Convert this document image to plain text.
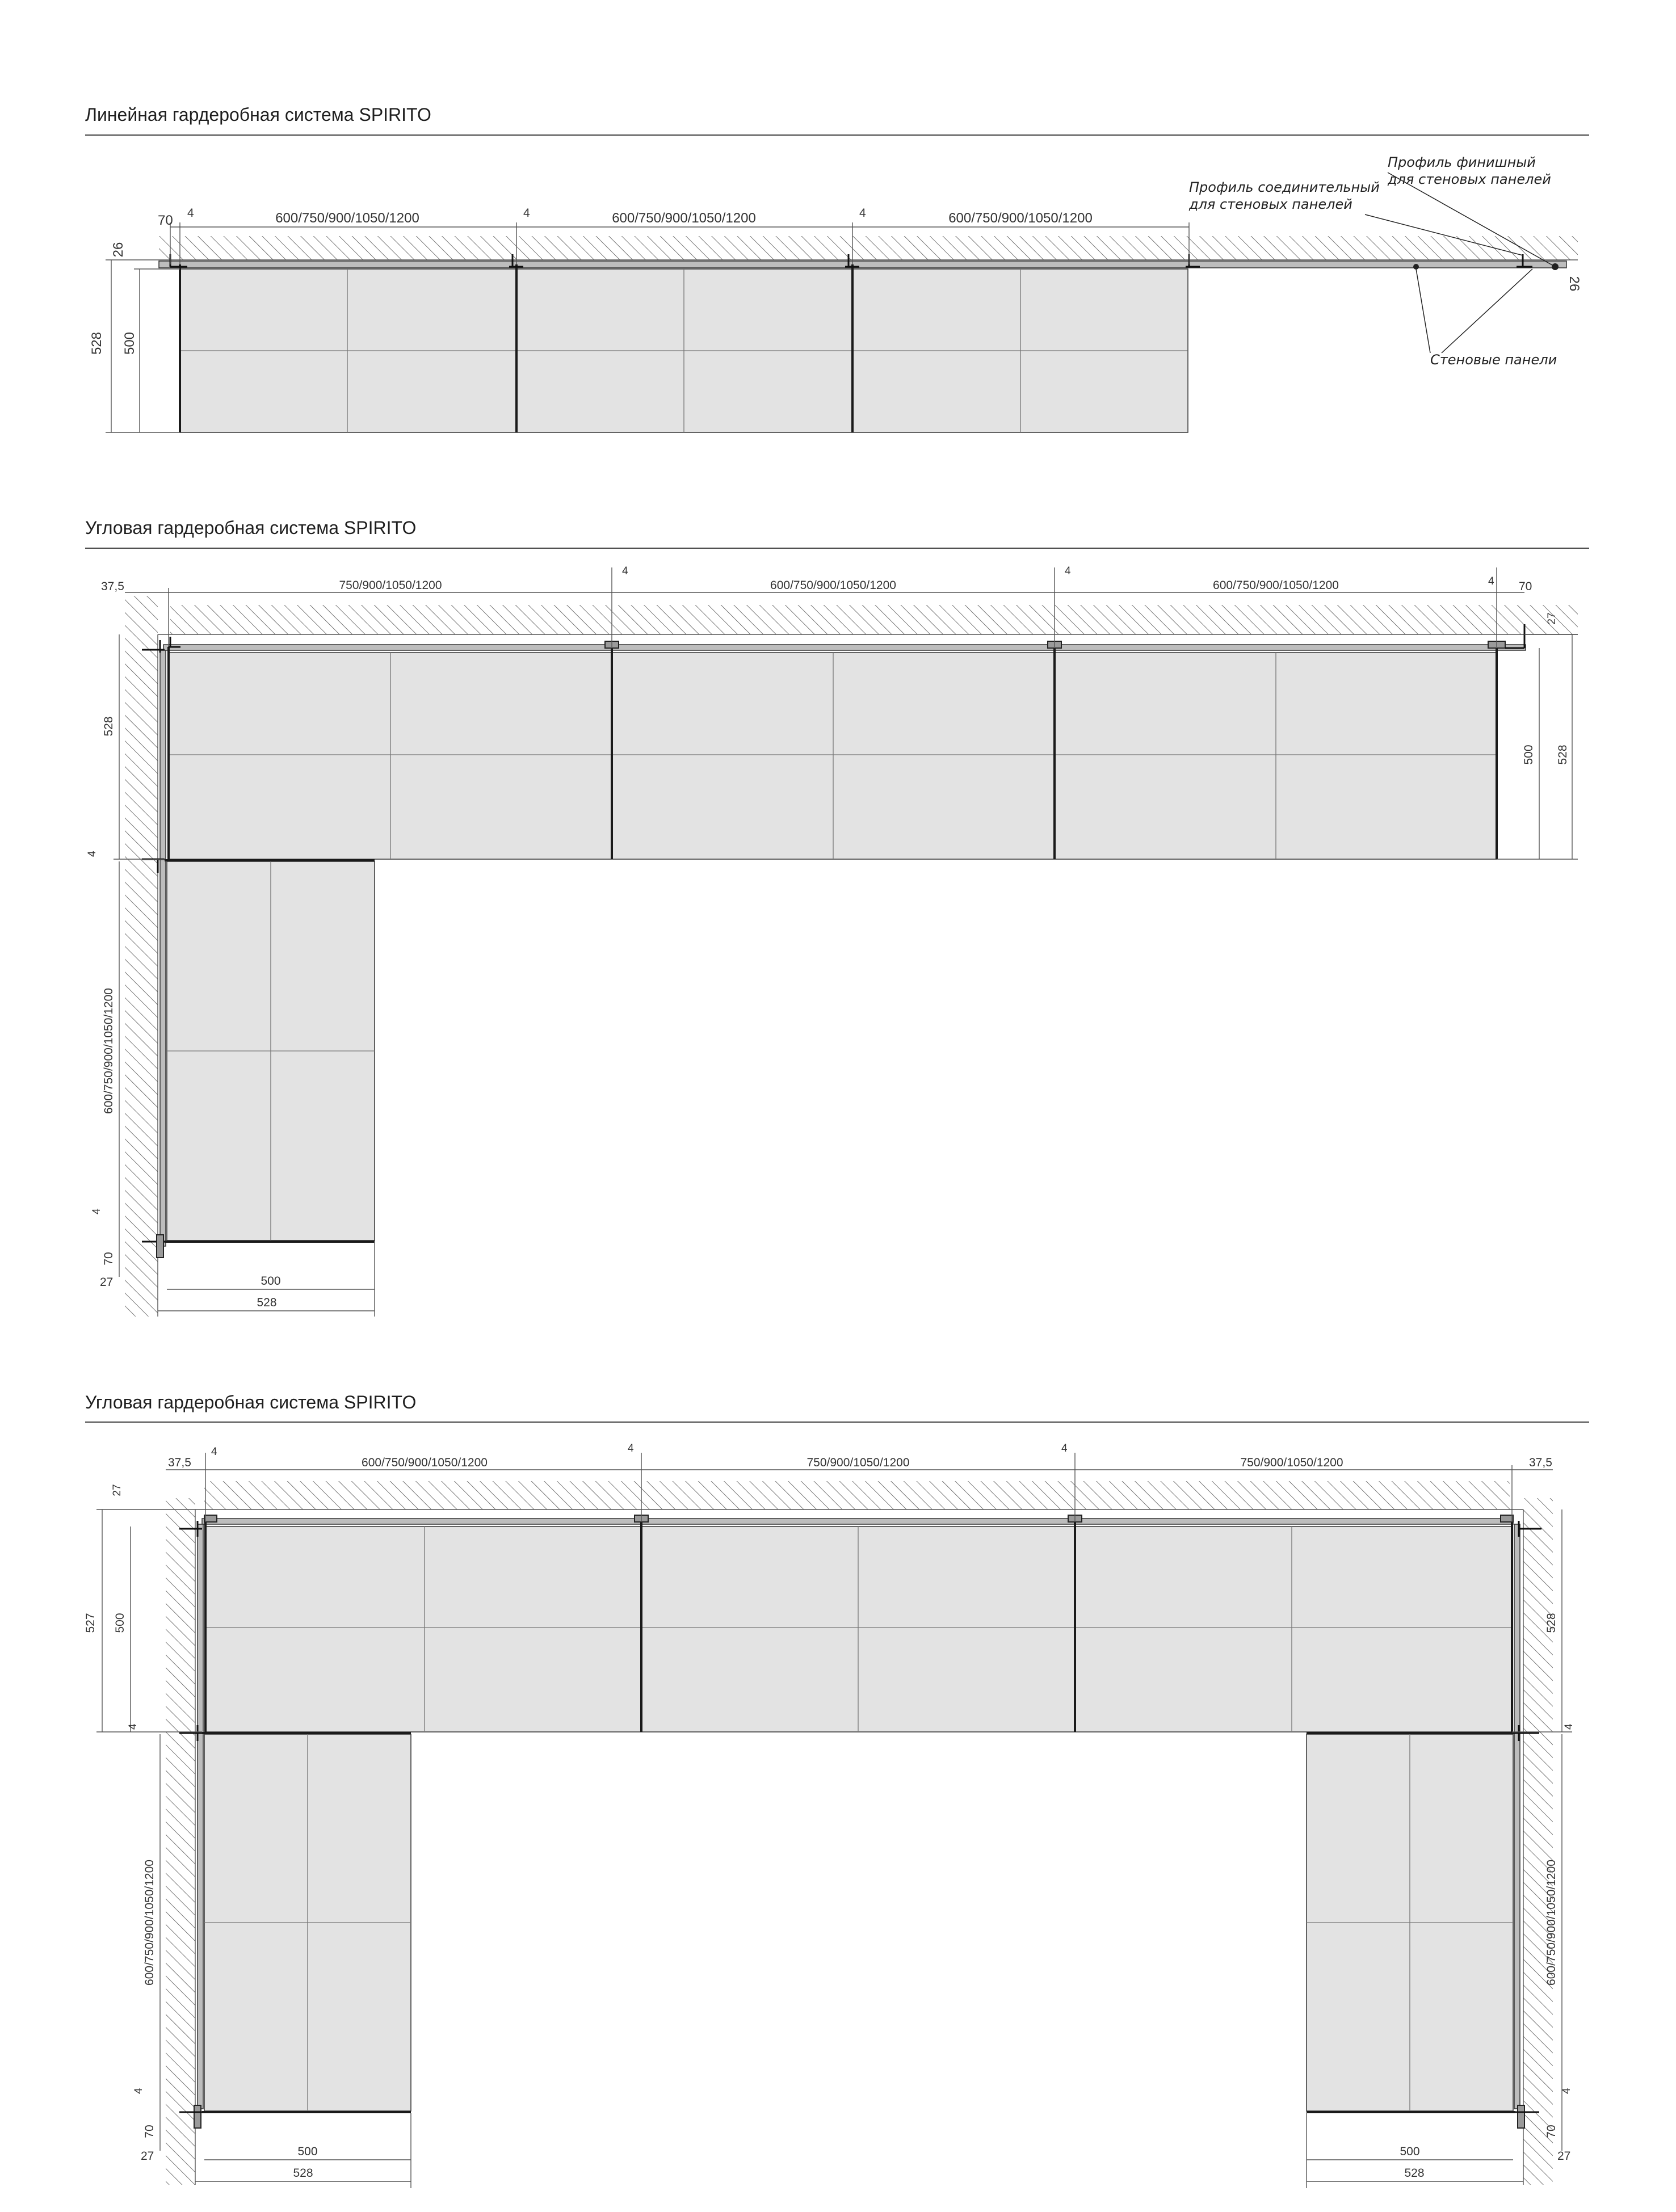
Линейная гардеробная система SPIRITO
70 4	4	4
600/750/900/1050/1200	600/750/900/1050/1200	600/750/900/1050/1200
26
528 500
Профиль финишный
для стеновых панелей
Профиль соединительный
для стеновых панелей
Стеновые панели
26
Угловая гардеробная система SPIRITO
37,5	750/900/1050/1200	600/750/900/1050/1200	600/750/900/1050/1200
4	4
4 70
27
500 528
528
4
600/750/900/1050/1200
4
70
27	500
528
Угловая гардеробная система SPIRITO
37,5	37,5
600/750/900/1050/1200	750/900/1050/1200	750/900/1050/1200
4	4	4
27
527 500
4
600/750/900/1050/1200
4
70
27
528
4
600/750/900/1050/1200
4
70
27
500
528
500
528
